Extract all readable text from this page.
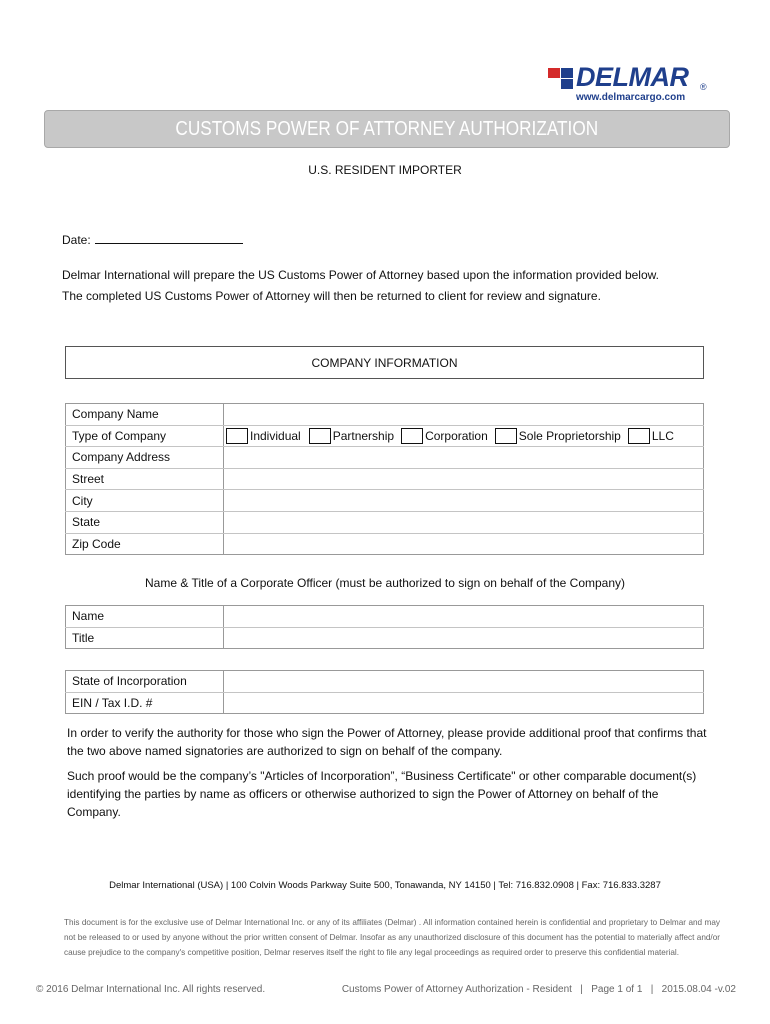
DELMAR ®
www.delmarcargo.com
CUSTOMS POWER OF ATTORNEY AUTHORIZATION
U.S. RESIDENT IMPORTER
Date:
Delmar International will prepare the US Customs Power of Attorney based upon the information provided below.
The completed US Customs Power of Attorney will then be returned to client for review and signature.
COMPANY INFORMATION
Company Name	
Type of Company	Individual Partnership Corporation Sole Proprietorship LLC

Company Address	
Street	
City	
State	
Zip Code	
Name & Title of a Corporate Officer (must be authorized to sign on behalf of the Company)
Name	
Title	
State of Incorporation	
EIN / Tax I.D. #	
In order to verify the authority for those who sign the Power of Attorney, please provide additional proof that confirms that the two above named signatories are authorized to sign on behalf of the company.
Such proof would be the company’s "Articles of Incorporation”, “Business Certificate" or other comparable document(s) identifying the parties by name as officers or otherwise authorized to sign the Power of Attorney on behalf of the Company.
Delmar International (USA) | 100 Colvin Woods Parkway Suite 500, Tonawanda, NY 14150 | Tel: 716.832.0908 | Fax: 716.833.3287
This document is for the exclusive use of Delmar International Inc. or any of its affiliates (Delmar) . All information contained herein is confidential and proprietary to Delmar and may not be released to or used by anyone without the prior written consent of Delmar. Insofar as any unauthorized disclosure of this document has the potential to materially affect and/or cause prejudice to the company's competitive position, Delmar reserves itself the right to file any legal proceedings as required order to preserve this confidential material.
© 2016 Delmar International Inc. All rights reserved.	Customs Power of Attorney Authorization - Resident   |   Page 1 of 1   |   2015.08.04 -v.02
